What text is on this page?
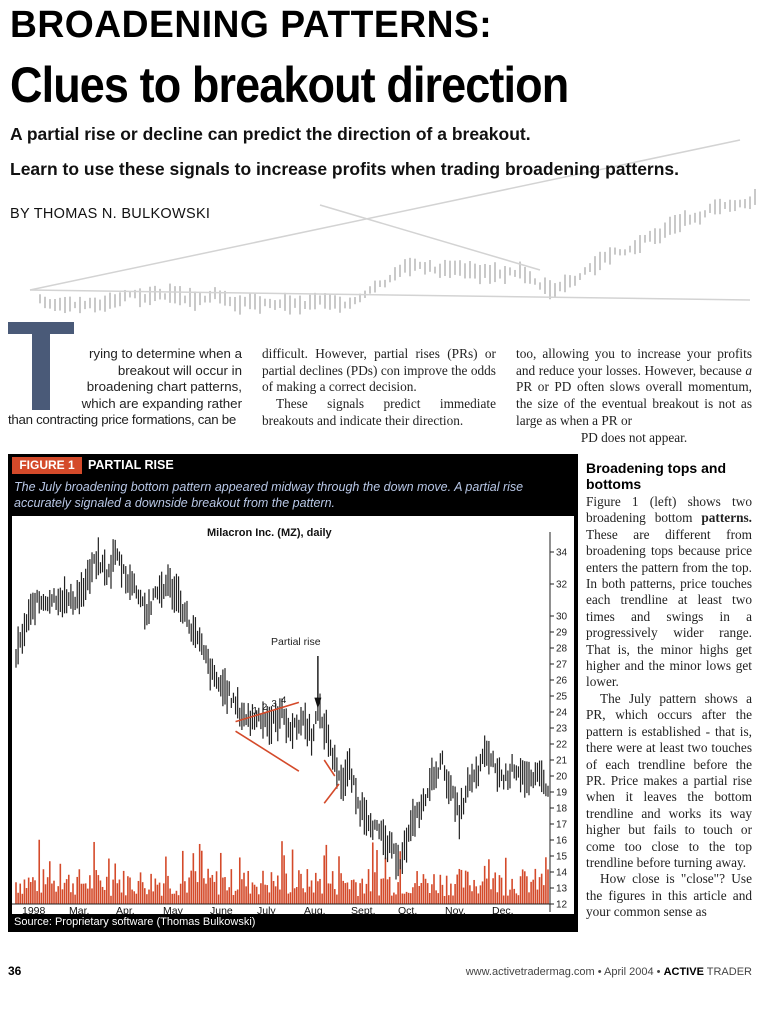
BROADENING PATTERNS:
Clues to breakout direction
A partial rise or decline can predict the direction of a breakout.
Learn to use these signals to increase profits when trading broadening patterns.
BY THOMAS N. BULKOWSKI
rying to determine when a
breakout will occur in
broadening chart patterns,
which are expanding rather
than contracting price formations, can be
difficult. However, partial rises (PRs) or partial declines (PDs) con improve the odds of making a correct decision.
These signals predict immediate breakouts and indicate their direction.
too, allowing you to increase your profits and reduce your losses. However, because a PR or PD often slows overall momentum, the size of the eventual breakout is not as large as when a PR or
PD does not appear.
FIGURE 1	PARTIAL RISE
The July broadening bottom pattern appeared midway through the down move. A partial rise accurately signaled a downside breakout from the pattern.
Milacron Inc. (MZ), daily
34
32
30
29
28
27
26
25
24
23
22
21
20
19
18
17
16
15
14
13
12
1998 Mar.	Apr.	May	June July	Aug. Sept. Oct.	Nov. Dec.
Partial rise
1 2 3 4
Source: Proprietary software (Thomas Bulkowski)
Broadening tops and bottoms

Figure 1 (left) shows two broadening bottom patterns. These are different from broadening tops because price enters the pattern from the top. In both patterns, price touches each trendline at least two times and swings in a progressively wider range. That is, the minor highs get higher and the minor lows get lower.

The July pattern shows a PR, which occurs after the pattern is established - that is, there were at least two touches of each trendline before the PR. Price makes a partial rise when it leaves the bottom trendline and works its way higher but fails to touch or come too close to the top trendline before turning away.

How close is "close"? Use the figures in this article and your common sense as

36	www.activetradermag.com • April 2004 • ACTIVE TRADER
